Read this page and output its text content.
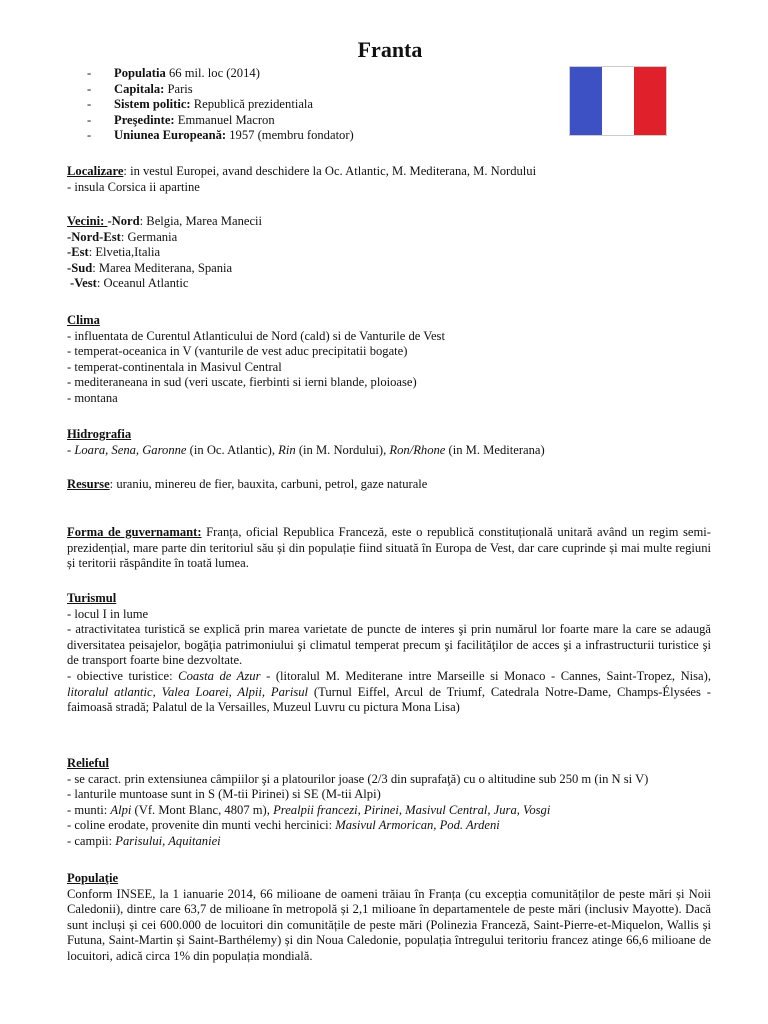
Franta
- Populatia 66 mil. loc (2014)
- Capitala: Paris
- Sistem politic: Republică prezidentiala
- Preşedinte: Emmanuel Macron
- Uniunea Europeană: 1957 (membru fondator)
Localizare: in vestul Europei, avand deschidere la Oc. Atlantic, M. Mediterana, M. Nordului
- insula Corsica ii apartine
Vecini: -Nord: Belgia, Marea Manecii
-Nord-Est: Germania
-Est: Elvetia,Italia
-Sud: Marea Mediterana, Spania
-Vest: Oceanul Atlantic
Clima
- influentata de Curentul Atlanticului de Nord (cald) si de Vanturile de Vest
- temperat-oceanica in V (vanturile de vest aduc precipitatii bogate)
- temperat-continentala in Masivul Central
- mediteraneana in sud (veri uscate, fierbinti si ierni blande, ploioase)
- montana
Hidrografia
- Loara, Sena, Garonne (in Oc. Atlantic), Rin (in M. Nordului), Ron/Rhone (in M. Mediterana)
Resurse: uraniu, minereu de fier, bauxita, carbuni, petrol, gaze naturale
Forma de guvernamant: Franța, oficial Republica Franceză, este o republică constituțională unitară având un regim semi-prezidențial, mare parte din teritoriul său și din populație fiind situată în Europa de Vest, dar care cuprinde și mai multe regiuni și teritorii răspândite în toată lumea.
Turismul
- locul I in lume
- atractivitatea turistică se explică prin marea varietate de puncte de interes şi prin numărul lor foarte mare la care se adaugă diversitatea peisajelor, bogăţia patrimoniului şi climatul temperat precum şi facilităţilor de acces şi a infrastructurii turistice şi de transport foarte bine dezvoltate.
- obiective turistice: Coasta de Azur - (litoralul M. Mediterane intre Marseille si Monaco - Cannes, Saint-Tropez, Nisa), litoralul atlantic, Valea Loarei, Alpii, Parisul (Turnul Eiffel, Arcul de Triumf, Catedrala Notre-Dame, Champs-Élysées - faimoasă stradă; Palatul de la Versailles, Muzeul Luvru cu pictura Mona Lisa)
Relieful
- se caract. prin extensiunea câmpiilor şi a platourilor joase (2/3 din suprafaţă) cu o altitudine sub 250 m (in N si V)
- lanturile muntoase sunt in S (M-tii Pirinei) si SE (M-tii Alpi)
- munti: Alpi (Vf. Mont Blanc, 4807 m), Prealpii francezi, Pirinei, Masivul Central, Jura, Vosgi
- coline erodate, provenite din munti vechi hercinici: Masivul Armorican, Pod. Ardeni
- campii: Parisului, Aquitaniei
Populaţie
Conform INSEE, la 1 ianuarie 2014, 66 milioane de oameni trăiau în Franța (cu excepția comunităților de peste mări și Noii Caledonii), dintre care 63,7 de milioane în metropolă și 2,1 milioane în departamentele de peste mări (inclusiv Mayotte). Dacă sunt incluși și cei 600.000 de locuitori din comunitățile de peste mări (Polinezia Franceză, Saint-Pierre-et-Miquelon, Wallis și Futuna, Saint-Martin și Saint-Barthélemy) și din Noua Caledonie, populația întregului teritoriu francez atinge 66,6 milioane de locuitori, adică circa 1% din populația mondială.
